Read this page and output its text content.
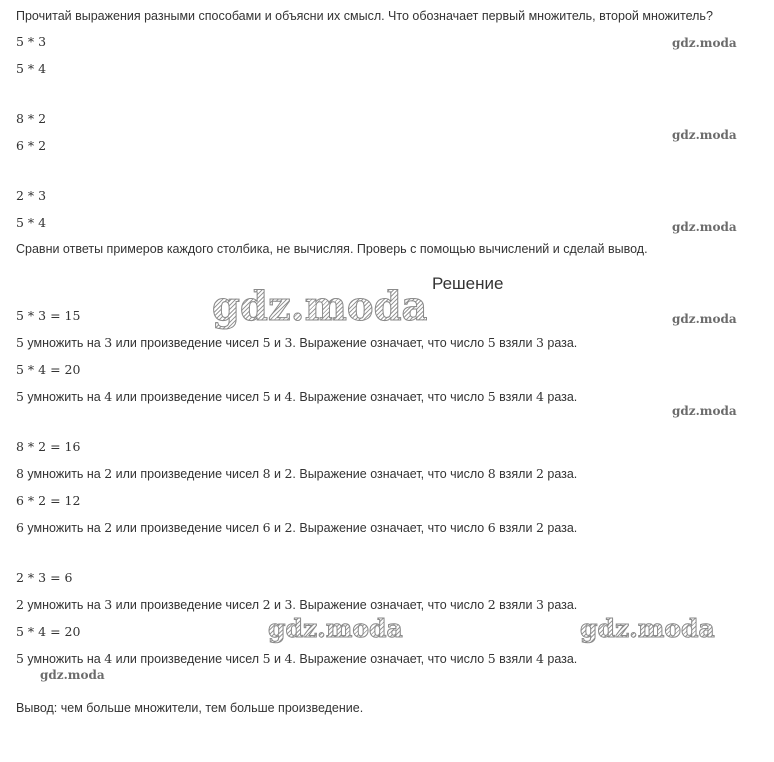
Прочитай выражения разными способами и объясни их смысл. Что обозначает первый множитель, второй множитель?
5 * 3
5 * 4
8 * 2
6 * 2
2 * 3
5 * 4
Сравни ответы примеров каждого столбика, не вычисляя. Проверь с помощью вычислений и сделай вывод.
Решение
5 * 3 = 15
5 умножить на 3 или произведение чисел 5 и 3. Выражение означает, что число 5 взяли 3 раза.
5 * 4 = 20
5 умножить на 4 или произведение чисел 5 и 4. Выражение означает, что число 5 взяли 4 раза.
8 * 2 = 16
8 умножить на 2 или произведение чисел 8 и 2. Выражение означает, что число 8 взяли 2 раза.
6 * 2 = 12
6 умножить на 2 или произведение чисел 6 и 2. Выражение означает, что число 6 взяли 2 раза.
2 * 3 = 6
2 умножить на 3 или произведение чисел 2 и 3. Выражение означает, что число 2 взяли 3 раза.
5 * 4 = 20
5 умножить на 4 или произведение чисел 5 и 4. Выражение означает, что число 5 взяли 4 раза.
Вывод: чем больше множители, тем больше произведение.
gdz.moda
gdz.moda
gdz.moda
gdz.moda
gdz.moda
gdz.moda
gdz.moda
gdz.moda	gdz.moda
